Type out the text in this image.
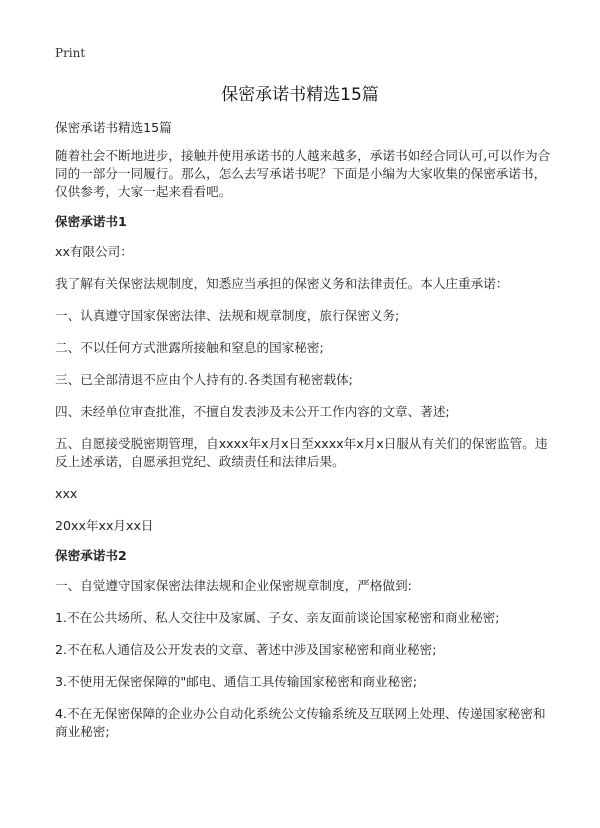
Print
保密承诺书精选15篇

保密承诺书精选15篇

随着社会不断地进步，接触并使用承诺书的人越来越多，承诺书如经合同认可,可以作为合同的一部分一同履行。那么，怎么去写承诺书呢？下面是小编为大家收集的保密承诺书，仅供参考，大家一起来看看吧。

保密承诺书1

xx有限公司：

我了解有关保密法规制度，知悉应当承担的保密义务和法律责任。本人庄重承诺：

一、认真遵守国家保密法律、法规和规章制度，旅行保密义务;

二、不以任何方式泄露所接触和窒息的国家秘密;

三、已全部清退不应由个人持有的.各类国有秘密载体;

四、未经单位审查批准，不擅自发表涉及未公开工作内容的文章、著述;

五、自愿接受脱密期管理，自xxxx年x月x日至xxxx年x月x日服从有关们的保密监管。违反上述承诺，自愿承担党纪、政绩责任和法律后果。

xxx

20xx年xx月xx日

保密承诺书2

一、自觉遵守国家保密法律法规和企业保密规章制度，严格做到:

1.不在公共场所、私人交往中及家属、子女、亲友面前谈论国家秘密和商业秘密;

2.不在私人通信及公开发表的文章、著述中涉及国家秘密和商业秘密;

3.不使用无保密保障的"邮电、通信工具传输国家秘密和商业秘密;

4.不在无保密保障的企业办公自动化系统公文传输系统及互联网上处理、传递国家秘密和商业秘密;
